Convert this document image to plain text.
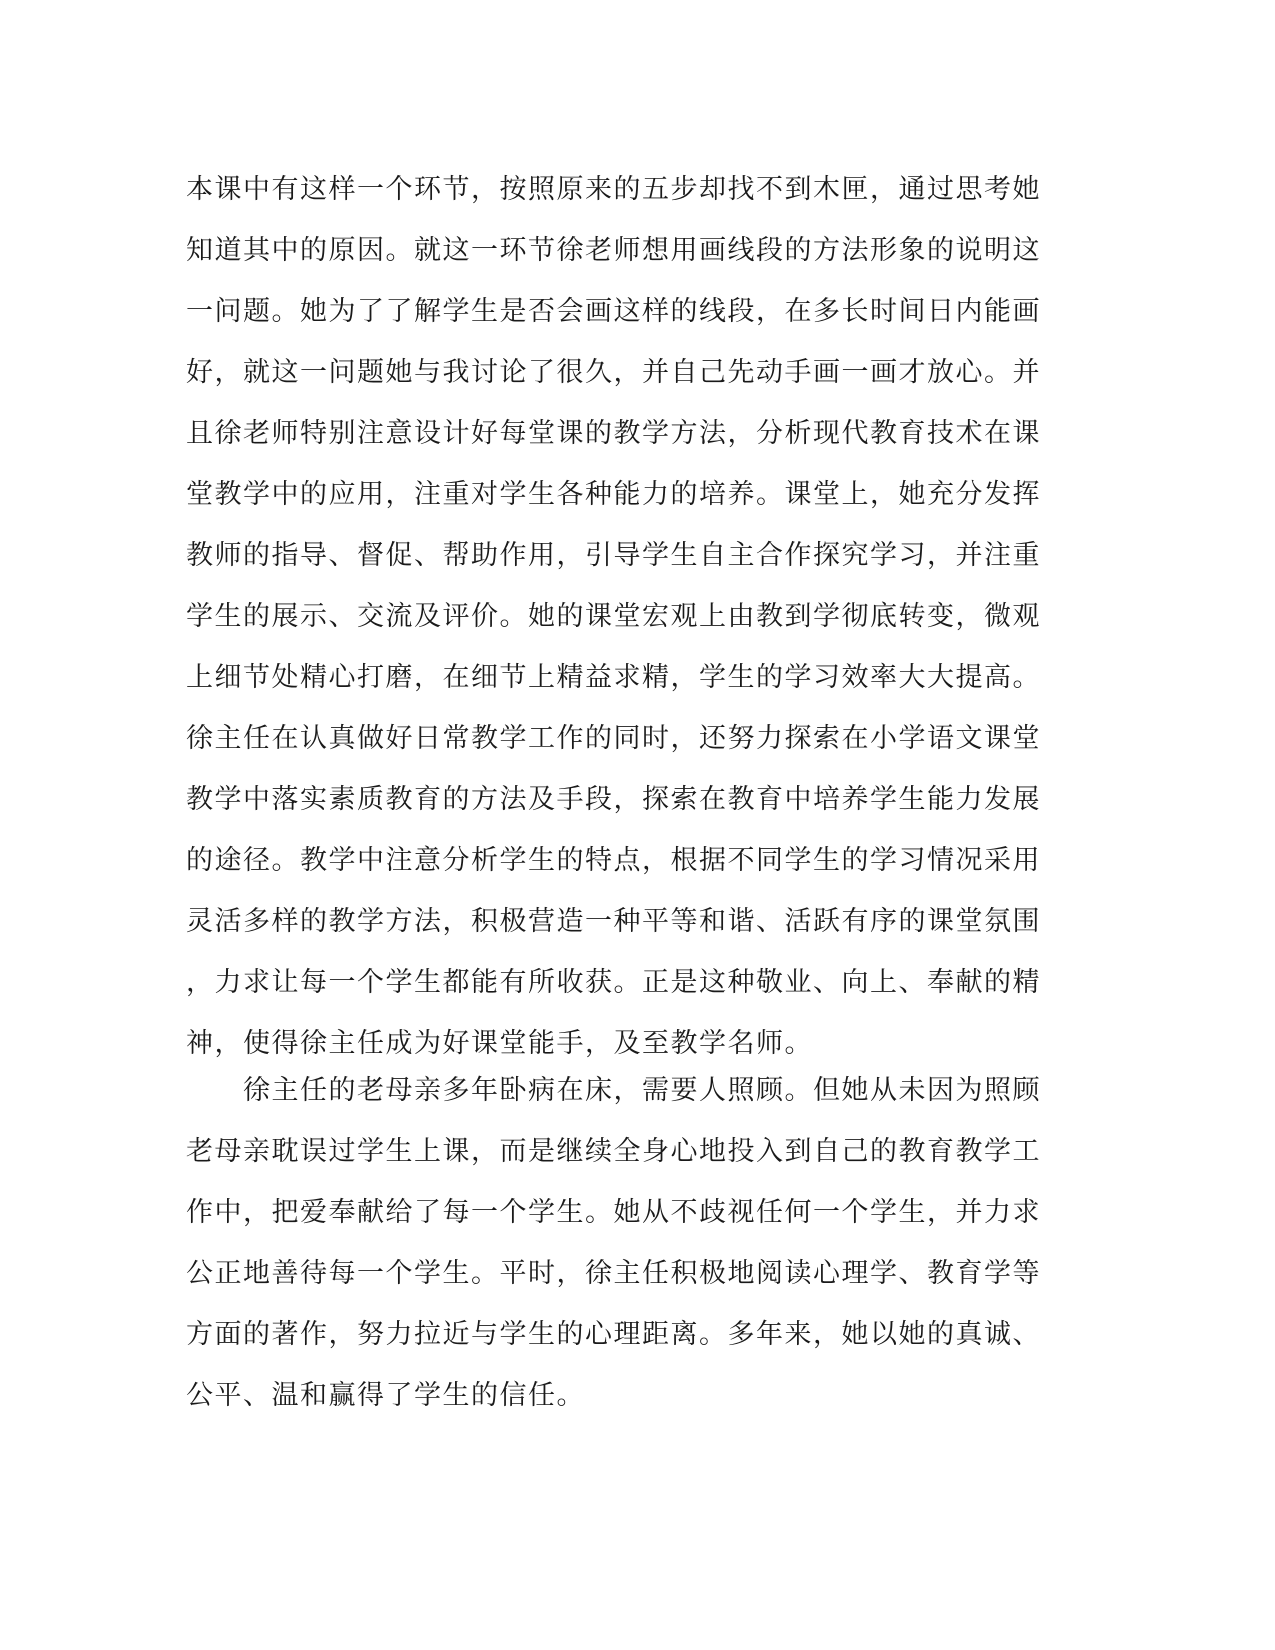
本课中有这样一个环节，按照原来的五步却找不到木匣，通过思考她
知道其中的原因。就这一环节徐老师想用画线段的方法形象的说明这
一问题。她为了了解学生是否会画这样的线段，在多长时间日内能画
好，就这一问题她与我讨论了很久，并自己先动手画一画才放心。并
且徐老师特别注意设计好每堂课的教学方法，分析现代教育技术在课
堂教学中的应用，注重对学生各种能力的培养。课堂上，她充分发挥
教师的指导、督促、帮助作用，引导学生自主合作探究学习，并注重
学生的展示、交流及评价。她的课堂宏观上由教到学彻底转变，微观
上细节处精心打磨，在细节上精益求精，学生的学习效率大大提高。
徐主任在认真做好日常教学工作的同时，还努力探索在小学语文课堂
教学中落实素质教育的方法及手段，探索在教育中培养学生能力发展
的途径。教学中注意分析学生的特点，根据不同学生的学习情况采用
灵活多样的教学方法，积极营造一种平等和谐、活跃有序的课堂氛围
，力求让每一个学生都能有所收获。正是这种敬业、向上、奉献的精
神，使得徐主任成为好课堂能手，及至教学名师。
　　徐主任的老母亲多年卧病在床，需要人照顾。但她从未因为照顾
老母亲耽误过学生上课，而是继续全身心地投入到自己的教育教学工
作中，把爱奉献给了每一个学生。她从不歧视任何一个学生，并力求
公正地善待每一个学生。平时，徐主任积极地阅读心理学、教育学等
方面的著作，努力拉近与学生的心理距离。多年来，她以她的真诚、
公平、温和赢得了学生的信任。
